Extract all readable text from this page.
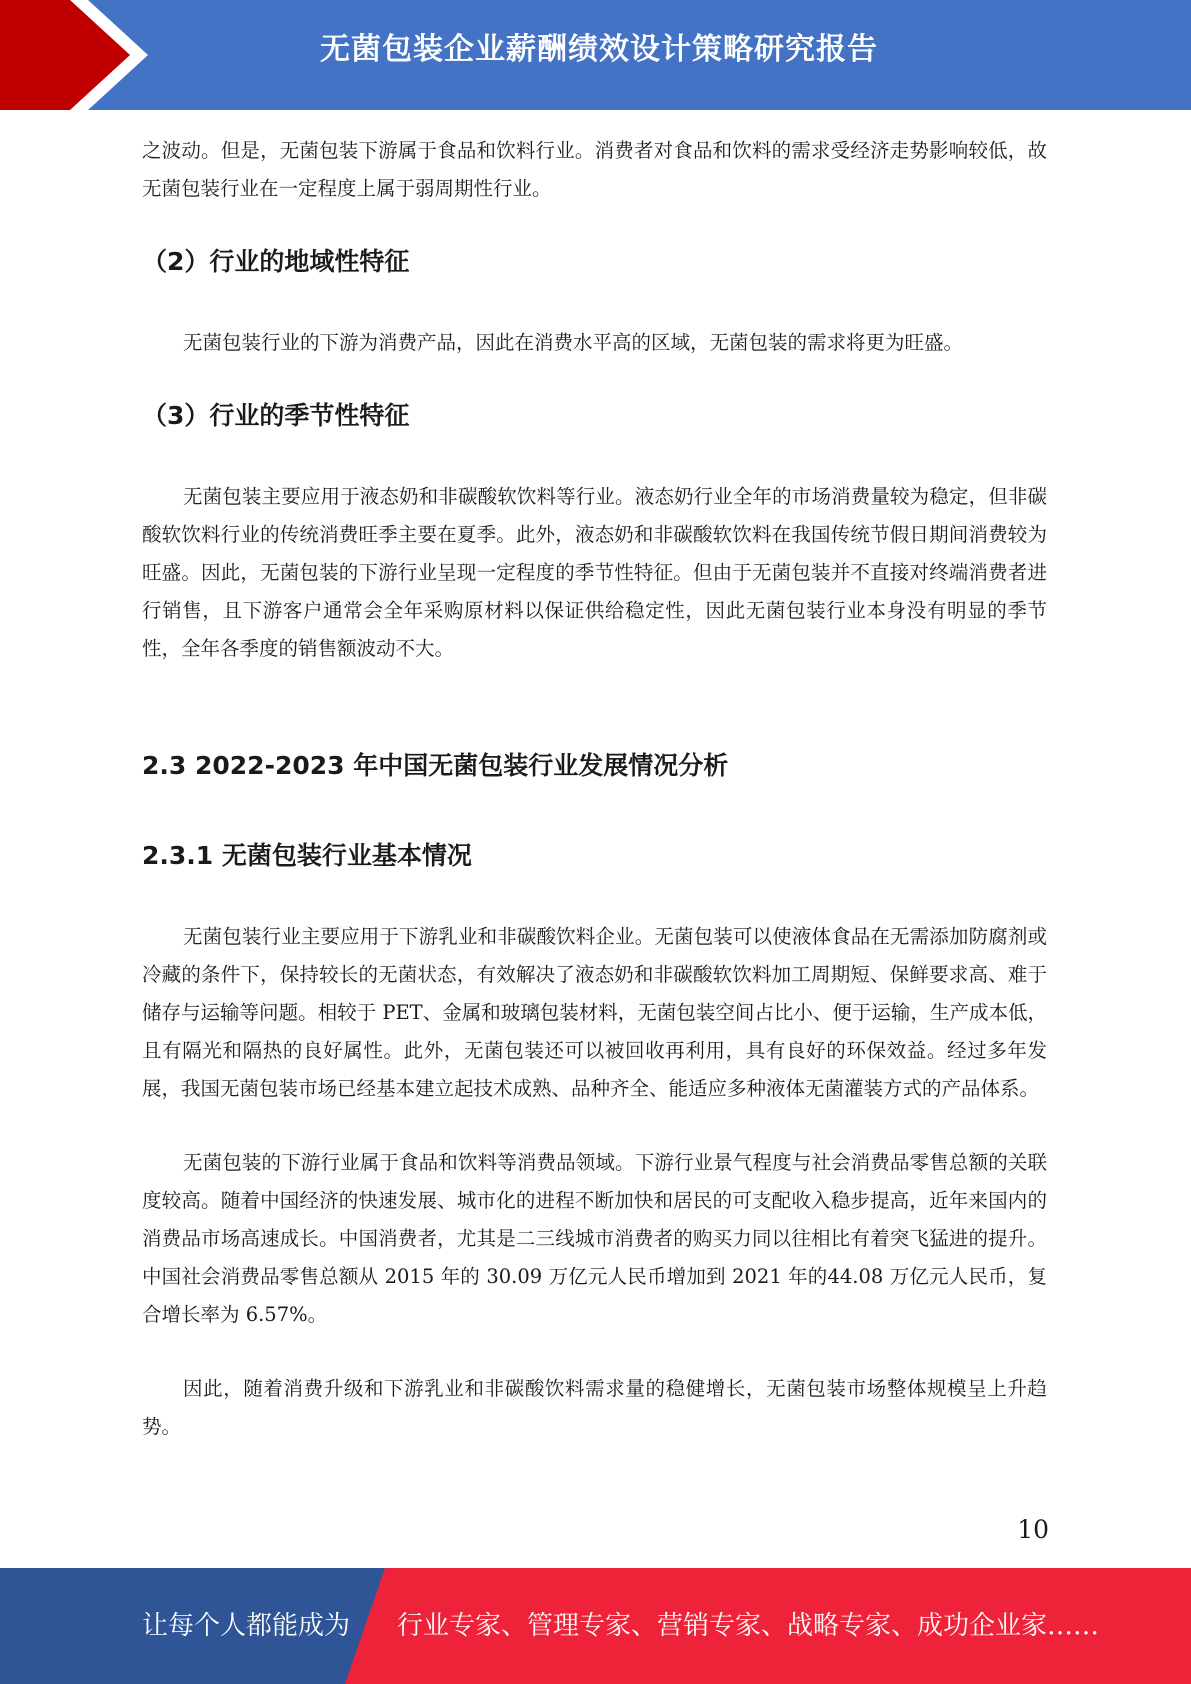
无菌包装企业薪酬绩效设计策略研究报告

之波动。但是，无菌包装下游属于食品和饮料行业。消费者对食品和饮料的需求受经济走势影响较低，故无菌包装行业在一定程度上属于弱周期性行业。

（2）行业的地域性特征

无菌包装行业的下游为消费产品，因此在消费水平高的区域，无菌包装的需求将更为旺盛。

（3）行业的季节性特征

无菌包装主要应用于液态奶和非碳酸软饮料等行业。液态奶行业全年的市场消费量较为稳定，但非碳酸软饮料行业的传统消费旺季主要在夏季。此外，液态奶和非碳酸软饮料在我国传统节假日期间消费较为旺盛。因此，无菌包装的下游行业呈现一定程度的季节性特征。但由于无菌包装并不直接对终端消费者进行销售，且下游客户通常会全年采购原材料以保证供给稳定性，因此无菌包装行业本身没有明显的季节性，全年各季度的销售额波动不大。

2.3 2022-2023 年中国无菌包装行业发展情况分析
2.3.1 无菌包装行业基本情况

无菌包装行业主要应用于下游乳业和非碳酸饮料企业。无菌包装可以使液体食品在无需添加防腐剂或冷藏的条件下，保持较长的无菌状态，有效解决了液态奶和非碳酸软饮料加工周期短、保鲜要求高、难于储存与运输等问题。相较于 PET、金属和玻璃包装材料，无菌包装空间占比小、便于运输，生产成本低，且有隔光和隔热的良好属性。此外，无菌包装还可以被回收再利用，具有良好的环保效益。经过多年发展，我国无菌包装市场已经基本建立起技术成熟、品种齐全、能适应多种液体无菌灌装方式的产品体系。

无菌包装的下游行业属于食品和饮料等消费品领域。下游行业景气程度与社会消费品零售总额的关联度较高。随着中国经济的快速发展、城市化的进程不断加快和居民的可支配收入稳步提高，近年来国内的消费品市场高速成长。中国消费者，尤其是二三线城市消费者的购买力同以往相比有着突飞猛进的提升。中国社会消费品零售总额从 2015 年的 30.09 万亿元人民币增加到 2021 年的44.08 万亿元人民币，复合增长率为 6.57%。

因此，随着消费升级和下游乳业和非碳酸饮料需求量的稳健增长，无菌包装市场整体规模呈上升趋势。

10
让每个人都能成为 行业专家、管理专家、营销专家、战略专家、成功企业家……
